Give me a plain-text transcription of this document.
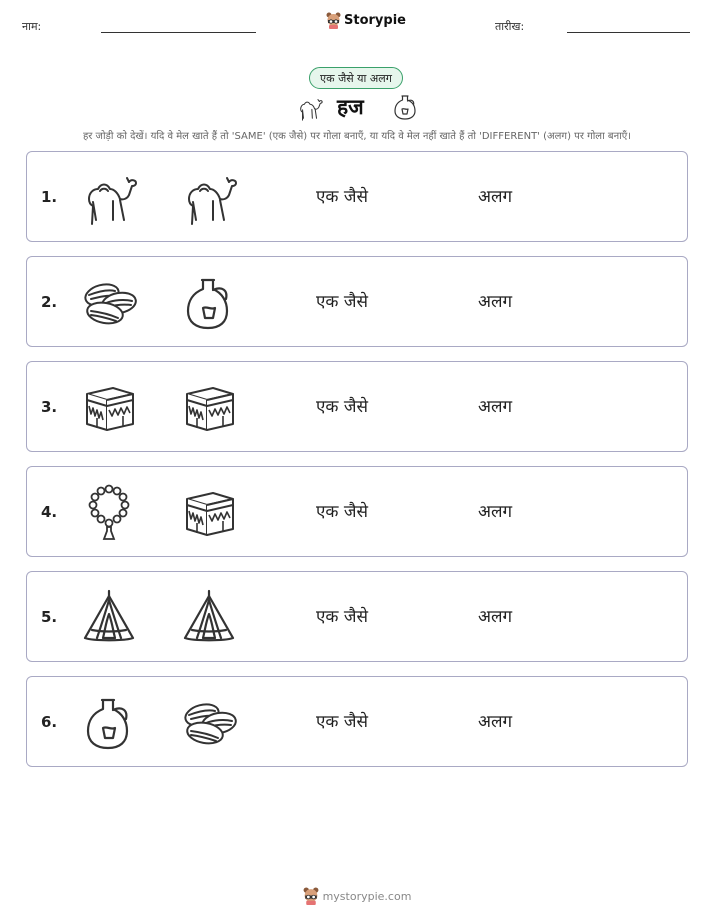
नाम:	Storypie	तारीख:
एक जैसे या अलग
हज
हर जोड़ी को देखें। यदि वे मेल खाते हैं तो 'SAME' (एक जैसे) पर गोला बनाएँ, या यदि वे मेल नहीं खाते हैं तो 'DIFFERENT' (अलग) पर गोला बनाएँ।
1.	एक जैसे	अलग
2.	एक जैसे	अलग
3.	एक जैसे	अलग
4.	एक जैसे	अलग
5.	एक जैसे	अलग
6.	एक जैसे	अलग
mystorypie.com
